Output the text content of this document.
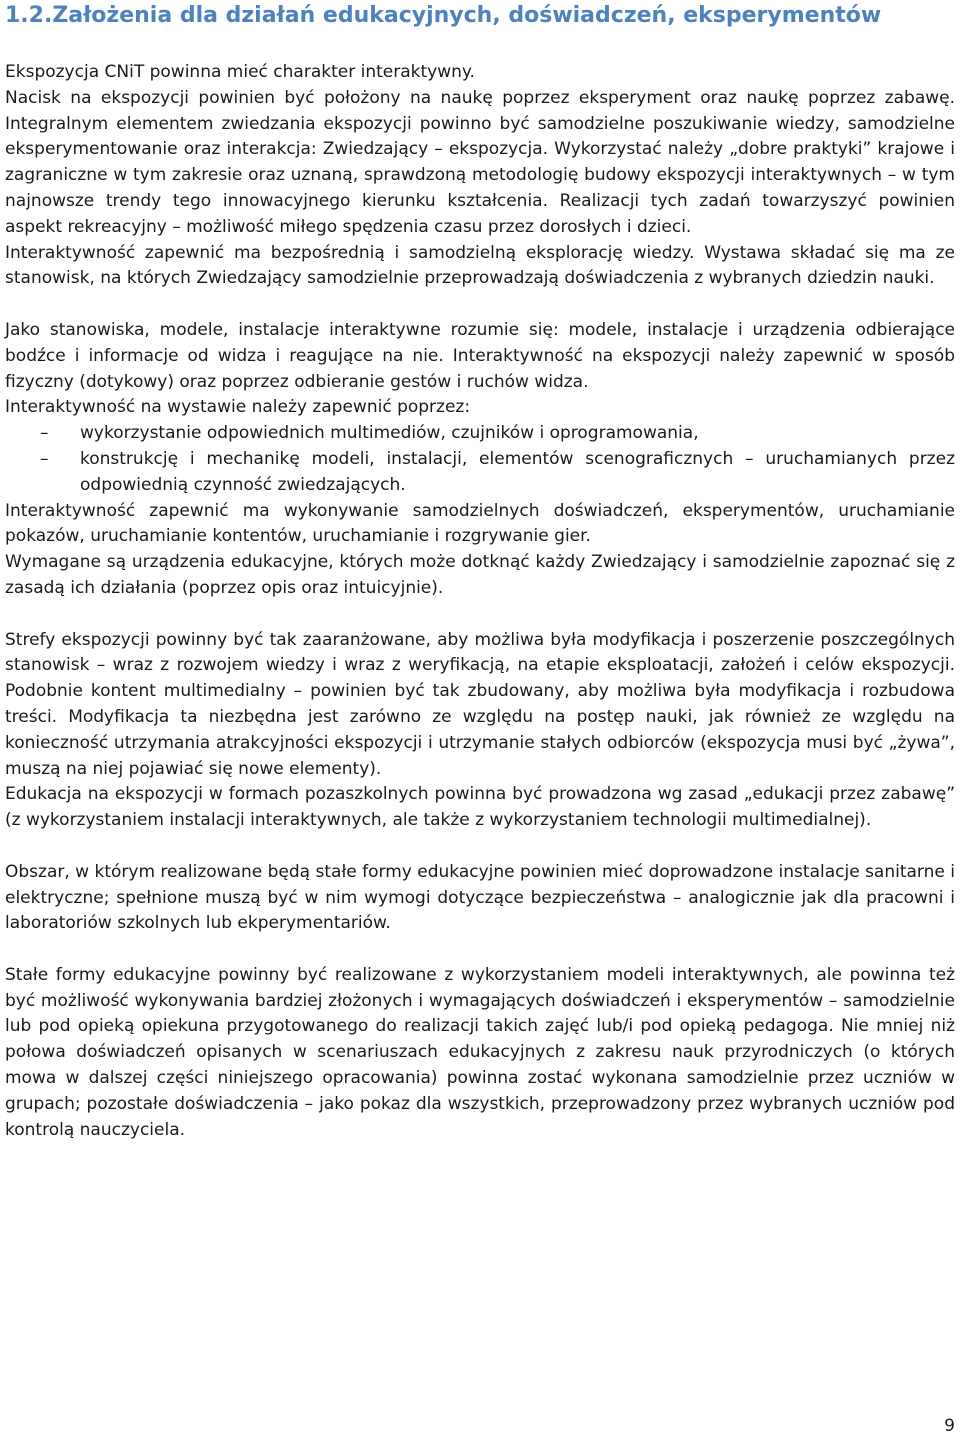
1.2.Założenia dla działań edukacyjnych, doświadczeń, eksperymentów

Ekspozycja CNiT powinna mieć charakter interaktywny.

Nacisk na ekspozycji powinien być położony na naukę poprzez eksperyment oraz naukę poprzez zabawę. Integralnym elementem zwiedzania ekspozycji powinno być samodzielne poszukiwanie wiedzy, samodzielne eksperymentowanie oraz interakcja: Zwiedzający – ekspozycja. Wykorzystać należy „dobre praktyki” krajowe i zagraniczne w tym zakresie oraz uznaną, sprawdzoną metodologię budowy ekspozycji interaktywnych – w tym najnowsze trendy tego innowacyjnego kierunku kształcenia. Realizacji tych zadań towarzyszyć powinien aspekt rekreacyjny – możliwość miłego spędzenia czasu przez dorosłych i dzieci.

Interaktywność zapewnić ma bezpośrednią i samodzielną eksplorację wiedzy. Wystawa składać się ma ze stanowisk, na których Zwiedzający samodzielnie przeprowadzają doświadczenia z wybranych dziedzin nauki.

Jako stanowiska, modele, instalacje interaktywne rozumie się: modele, instalacje i urządzenia odbierające bodźce i informacje od widza i reagujące na nie. Interaktywność na ekspozycji należy zapewnić w sposób fizyczny (dotykowy) oraz poprzez odbieranie gestów i ruchów widza.

Interaktywność na wystawie należy zapewnić poprzez:

– wykorzystanie odpowiednich multimediów, czujników i oprogramowania,
– konstrukcję i mechanikę modeli, instalacji, elementów scenograficznych – uruchamianych przez odpowiednią czynność zwiedzających.

Interaktywność zapewnić ma wykonywanie samodzielnych doświadczeń, eksperymentów, uruchamianie pokazów, uruchamianie kontentów, uruchamianie i rozgrywanie gier.

Wymagane są urządzenia edukacyjne, których może dotknąć każdy Zwiedzający i samodzielnie zapoznać się z zasadą ich działania (poprzez opis oraz intuicyjnie).

Strefy ekspozycji powinny być tak zaaranżowane, aby możliwa była modyfikacja i poszerzenie poszczególnych stanowisk – wraz z rozwojem wiedzy i wraz z weryfikacją, na etapie eksploatacji, założeń i celów ekspozycji. Podobnie kontent multimedialny – powinien być tak zbudowany, aby możliwa była modyfikacja i rozbudowa treści. Modyfikacja ta niezbędna jest zarówno ze względu na postęp nauki, jak również ze względu na konieczność utrzymania atrakcyjności ekspozycji i utrzymanie stałych odbiorców (ekspozycja musi być „żywa”, muszą na niej pojawiać się nowe elementy).

Edukacja na ekspozycji w formach pozaszkolnych powinna być prowadzona wg zasad „edukacji przez zabawę” (z wykorzystaniem instalacji interaktywnych, ale także z wykorzystaniem technologii multimedialnej).

Obszar, w którym realizowane będą stałe formy edukacyjne powinien mieć doprowadzone instalacje sanitarne i elektryczne; spełnione muszą być w nim wymogi dotyczące bezpieczeństwa – analogicznie jak dla pracowni i laboratoriów szkolnych lub ekperymentariów.

Stałe formy edukacyjne powinny być realizowane z wykorzystaniem modeli interaktywnych, ale powinna też być możliwość wykonywania bardziej złożonych i wymagających doświadczeń i eksperymentów – samodzielnie lub pod opieką opiekuna przygotowanego do realizacji takich zajęć lub/i pod opieką pedagoga. Nie mniej niż połowa doświadczeń opisanych w scenariuszach edukacyjnych z zakresu nauk przyrodniczych (o których mowa w dalszej części niniejszego opracowania) powinna zostać wykonana samodzielnie przez uczniów w grupach; pozostałe doświadczenia – jako pokaz dla wszystkich, przeprowadzony przez wybranych uczniów pod kontrolą nauczyciela.

9
